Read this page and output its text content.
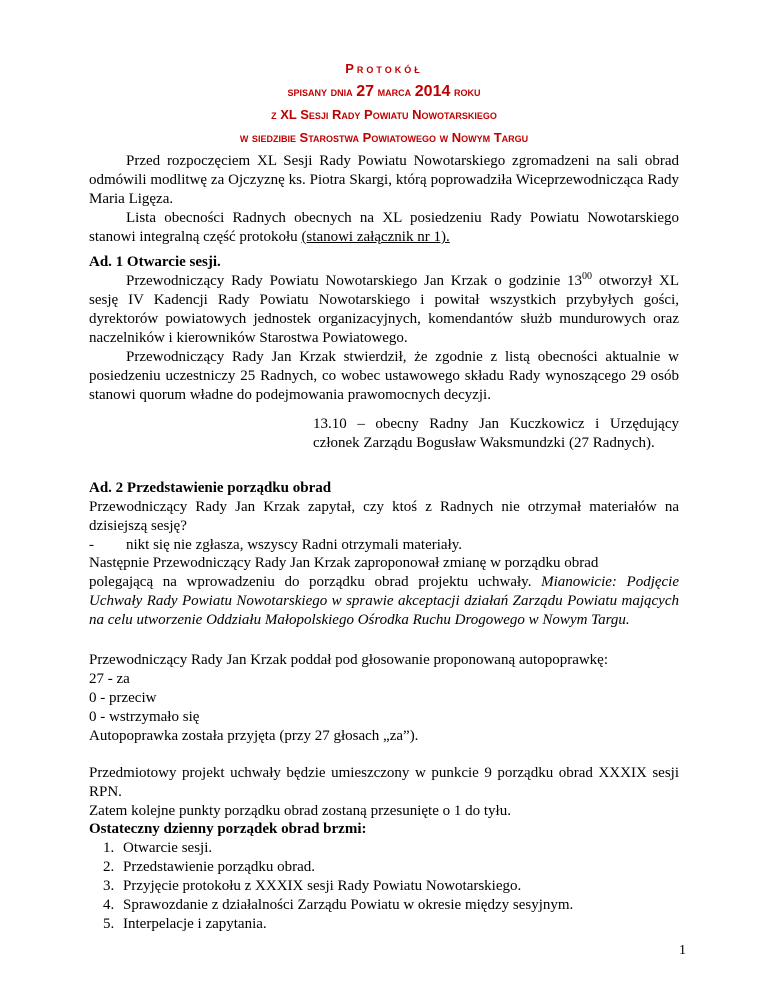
Protokół
spisany dnia 27 marca 2014 roku
z XL Sesji Rady Powiatu Nowotarskiego
w siedzibie Starostwa Powiatowego w Nowym Targu

Przed rozpoczęciem XL Sesji Rady Powiatu Nowotarskiego zgromadzeni na sali obrad odmówili modlitwę za Ojczyznę ks. Piotra Skargi, którą poprowadziła Wiceprzewodnicząca Rady Maria Ligęza.

Lista obecności Radnych obecnych na XL posiedzeniu Rady Powiatu Nowotarskiego stanowi integralną część protokołu (stanowi załącznik nr 1).

Ad. 1 Otwarcie sesji.

Przewodniczący Rady Powiatu Nowotarskiego Jan Krzak o godzinie $13^{00}$ otworzył XL sesję IV Kadencji Rady Powiatu Nowotarskiego i powitał wszystkich przybyłych gości, dyrektorów powiatowych jednostek organizacyjnych, komendantów służb mundurowych oraz naczelników i kierowników Starostwa Powiatowego.

Przewodniczący Rady Jan Krzak stwierdził, że zgodnie z listą obecności aktualnie w posiedzeniu uczestniczy 25 Radnych, co wobec ustawowego składu Rady wynoszącego 29 osób stanowi quorum władne do podejmowania prawomocnych decyzji.

13.10 – obecny Radny Jan Kuczkowicz i Urzędujący członek Zarządu Bogusław Waksmundzki (27 Radnych).

Ad. 2 Przedstawienie porządku obrad

Przewodniczący Rady Jan Krzak zapytał, czy ktoś z Radnych nie otrzymał materiałów na dzisiejszą sesję?

- nikt się nie zgłasza, wszyscy Radni otrzymali materiały.

Następnie Przewodniczący Rady Jan Krzak zaproponował zmianę w porządku obrad

polegającą na wprowadzeniu do porządku obrad projektu uchwały. Mianowicie: Podjęcie Uchwały Rady Powiatu Nowotarskiego w sprawie akceptacji działań Zarządu Powiatu mających na celu utworzenie Oddziału Małopolskiego Ośrodka Ruchu Drogowego w Nowym Targu.

Przewodniczący Rady Jan Krzak poddał pod głosowanie proponowaną autopoprawkę:

27 - za

0 - przeciw

0 - wstrzymało się

Autopoprawka została przyjęta (przy 27 głosach „za”).

Przedmiotowy projekt uchwały będzie umieszczony w punkcie 9 porządku obrad XXXIX sesji RPN.

Zatem kolejne punkty porządku obrad zostaną przesunięte o 1 do tyłu.

Ostateczny dzienny porządek obrad brzmi:

1. Otwarcie sesji.
2. Przedstawienie porządku obrad.
3. Przyjęcie protokołu z XXXIX sesji Rady Powiatu Nowotarskiego.
4. Sprawozdanie z działalności Zarządu Powiatu w okresie między sesyjnym.
5. Interpelacje i zapytania.
1
